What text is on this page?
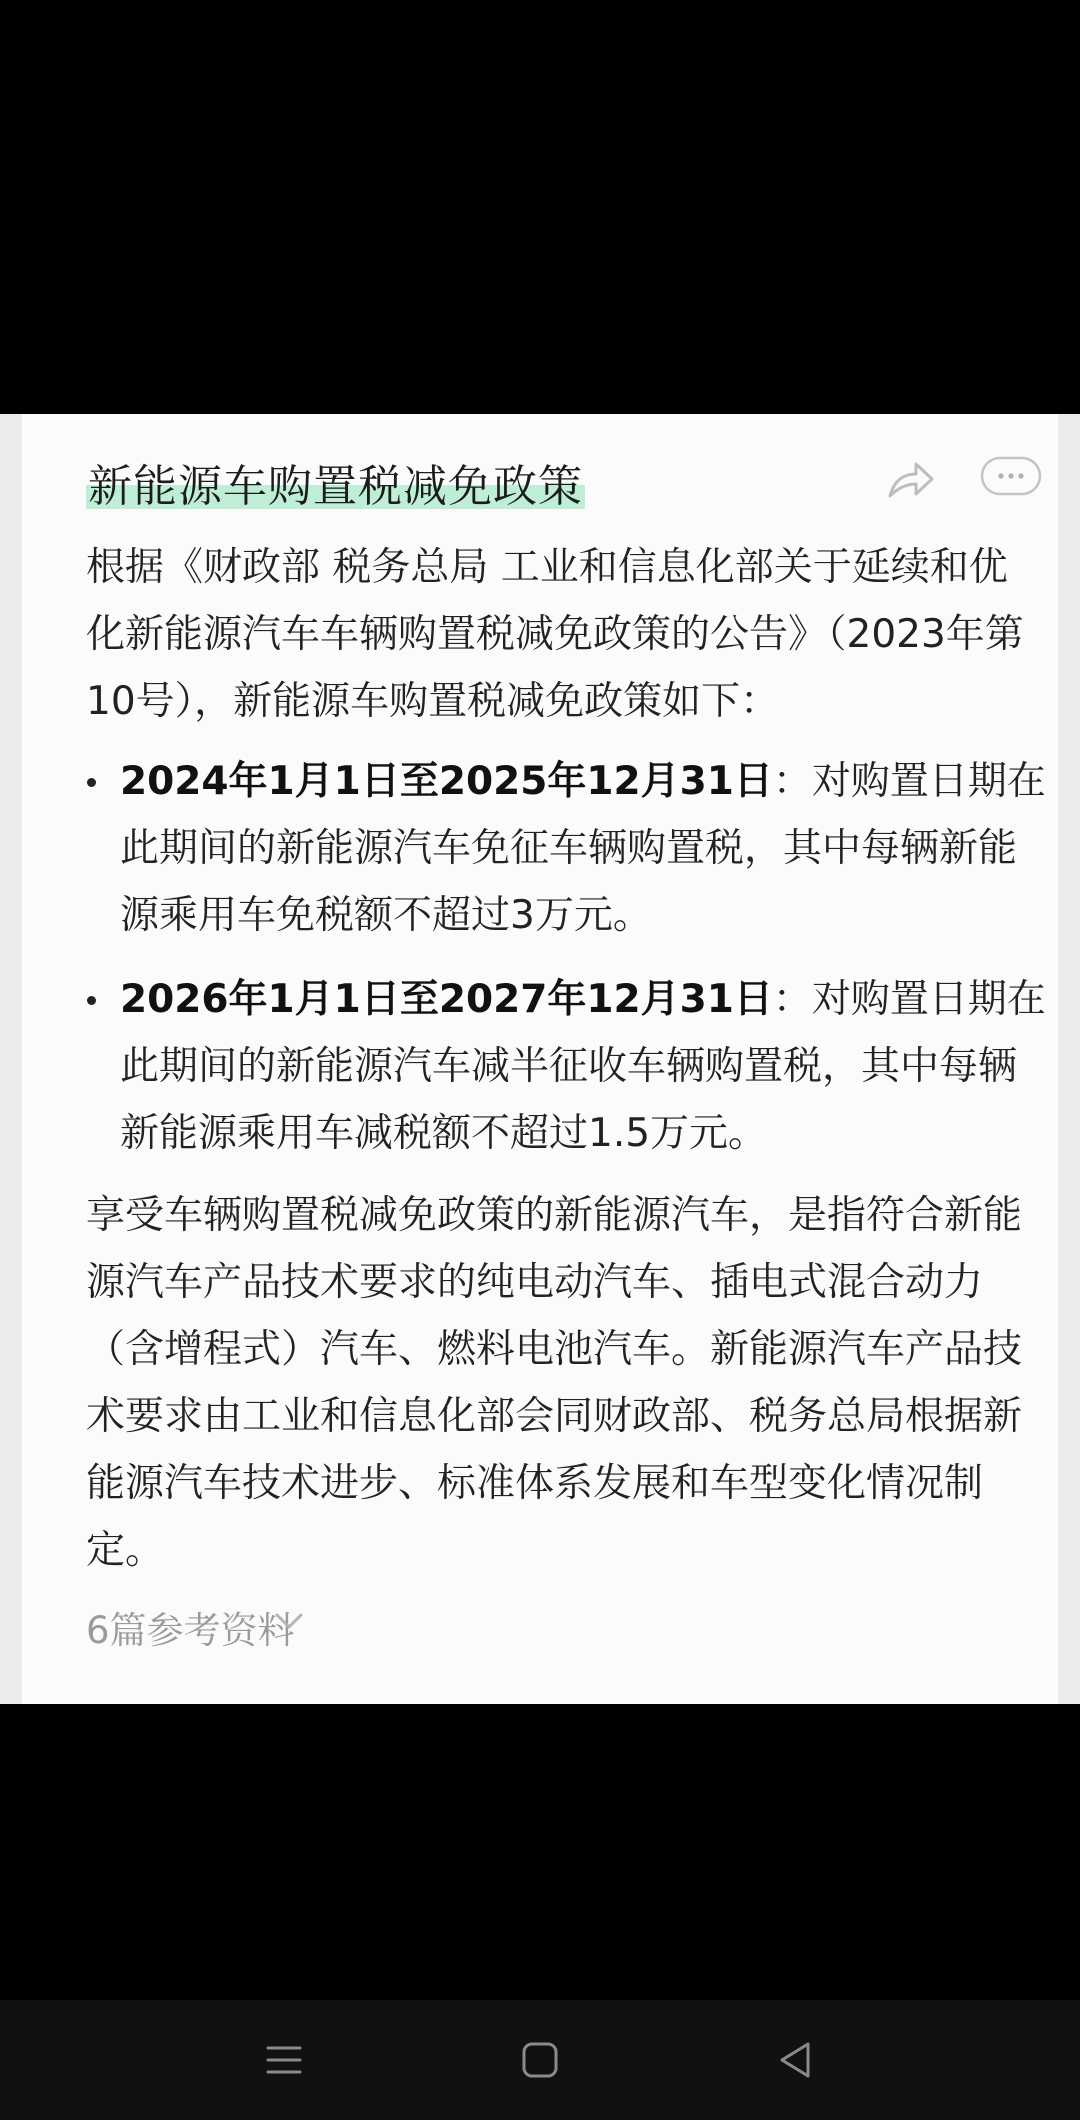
新能源车购置税减免政策

根据《财政部 税务总局 工业和信息化部关于延续和优化新能源汽车车辆购置税减免政策的公告》（2023年第10号），新能源车购置税减免政策如下：

2024年1月1日至2025年12月31日：对购置日期在此期间的新能源汽车免征车辆购置税，其中每辆新能源乘用车免税额不超过3万元。
2026年1月1日至2027年12月31日：对购置日期在此期间的新能源汽车减半征收车辆购置税，其中每辆新能源乘用车减税额不超过1.5万元。

享受车辆购置税减免政策的新能源汽车，是指符合新能源汽车产品技术要求的纯电动汽车、插电式混合动力（含增程式）汽车、燃料电池汽车。新能源汽车产品技术要求由工业和信息化部会同财政部、税务总局根据新能源汽车技术进步、标准体系发展和车型变化情况制定。

6篇参考资料
